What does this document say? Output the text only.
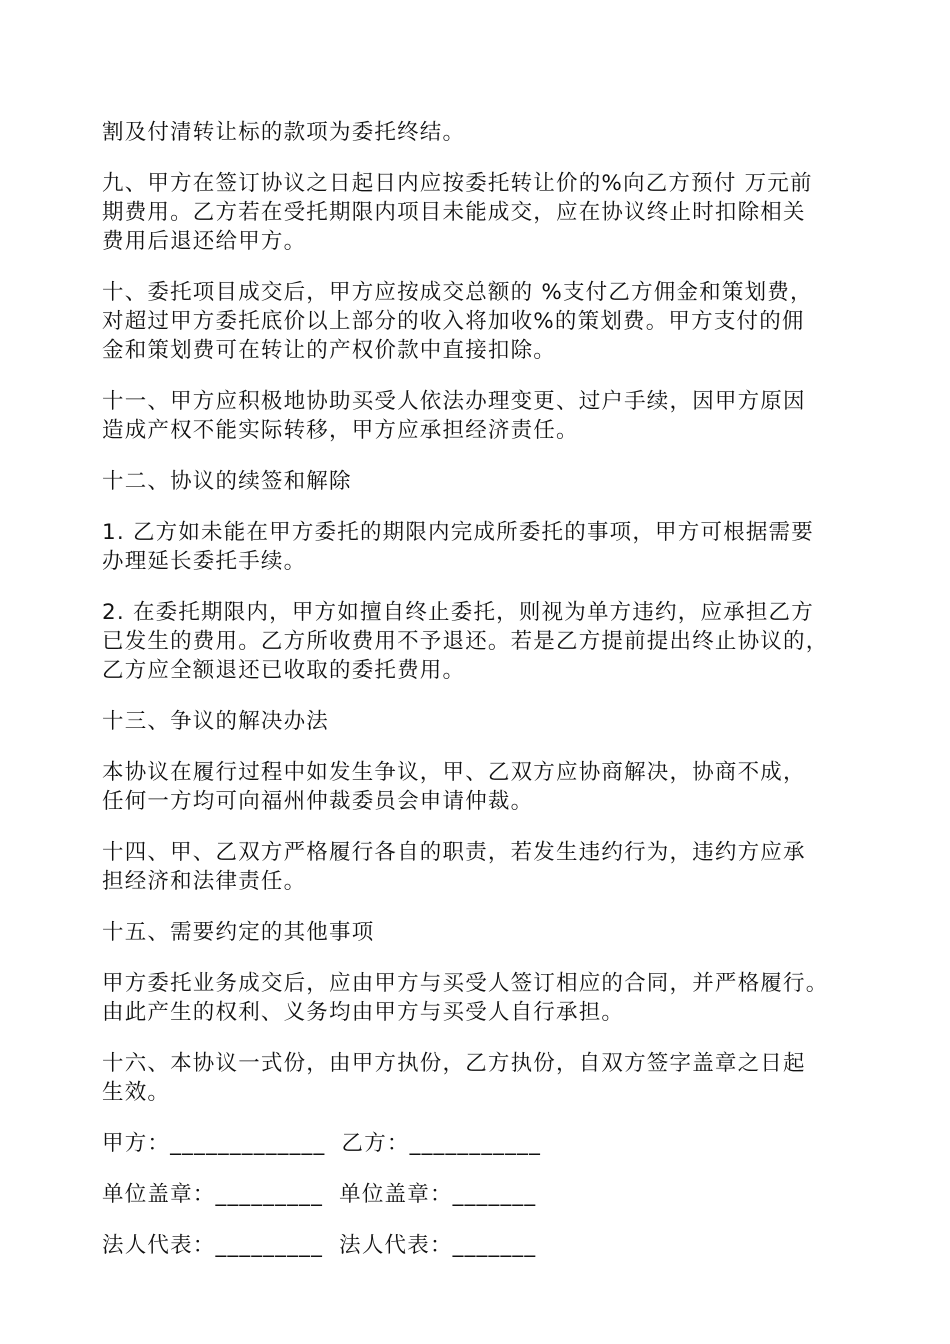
割及付清转让标的款项为委托终结。
九、甲方在签订协议之日起日内应按委托转让价的%向乙方预付 万元前
期费用。乙方若在受托期限内项目未能成交，应在协议终止时扣除相关
费用后退还给甲方。
十、委托项目成交后，甲方应按成交总额的 %支付乙方佣金和策划费，
对超过甲方委托底价以上部分的收入将加收%的策划费。甲方支付的佣
金和策划费可在转让的产权价款中直接扣除。
十一、甲方应积极地协助买受人依法办理变更、过户手续，因甲方原因
造成产权不能实际转移，甲方应承担经济责任。
十二、协议的续签和解除
1. 乙方如未能在甲方委托的期限内完成所委托的事项，甲方可根据需要
办理延长委托手续。
2. 在委托期限内，甲方如擅自终止委托，则视为单方违约，应承担乙方
已发生的费用。乙方所收费用不予退还。若是乙方提前提出终止协议的，
乙方应全额退还已收取的委托费用。
十三、争议的解决办法
本协议在履行过程中如发生争议，甲、乙双方应协商解决，协商不成，
任何一方均可向福州仲裁委员会申请仲裁。
十四、甲、乙双方严格履行各自的职责，若发生违约行为，违约方应承
担经济和法律责任。
十五、需要约定的其他事项
甲方委托业务成交后，应由甲方与买受人签订相应的合同，并严格履行。
由此产生的权利、义务均由甲方与买受人自行承担。
十六、本协议一式份，由甲方执份，乙方执份，自双方签字盖章之日起
生效。
甲方：_____________ 乙方：___________
单位盖章：_________ 单位盖章：_______
法人代表：_________ 法人代表：_______
